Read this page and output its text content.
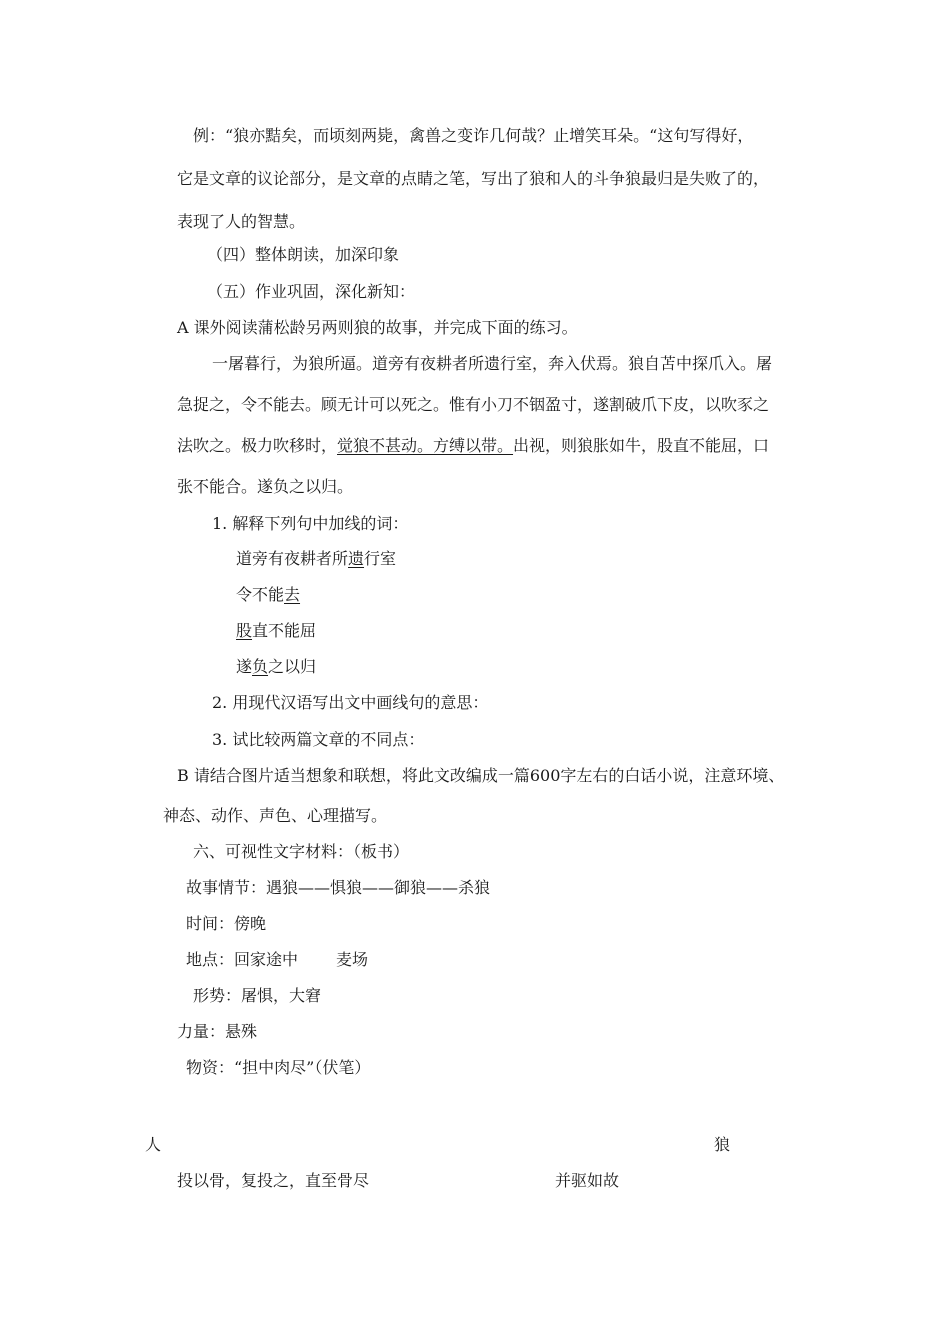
例：“狼亦黠矣，而顷刻两毙，禽兽之变诈几何哉？止增笑耳朵。“这句写得好，
它是文章的议论部分，是文章的点睛之笔，写出了狼和人的斗争狼最归是失败了的，
表现了人的智慧。
（四）整体朗读，加深印象
（五）作业巩固，深化新知：
A 课外阅读蒲松龄另两则狼的故事，并完成下面的练习。
一屠暮行，为狼所逼。道旁有夜耕者所遗行室，奔入伏焉。狼自苫中探爪入。屠
急捉之，令不能去。顾无计可以死之。惟有小刀不铟盈寸，遂割破爪下皮，以吹豕之
法吹之。极力吹移时，觉狼不甚动。方缚以带。出视，则狼胀如牛，股直不能屈，口
张不能合。遂负之以归。
1. 解释下列句中加线的词：
道旁有夜耕者所遗行室
令不能去
股直不能屈
遂负之以归
2. 用现代汉语写出文中画线句的意思：
3. 试比较两篇文章的不同点：
B 请结合图片适当想象和联想，将此文改编成一篇600字左右的白话小说，注意环境、
神态、动作、声色、心理描写。
六、可视性文字材料：（板书）
故事情节：遇狼——惧狼——御狼——杀狼
时间：傍晚
地点：回家途中 麦场
形势：屠惧，大窘
力量：悬殊
物资：“担中肉尽”（伏笔）
人	狼
投以骨，复投之，直至骨尽	并驱如故
